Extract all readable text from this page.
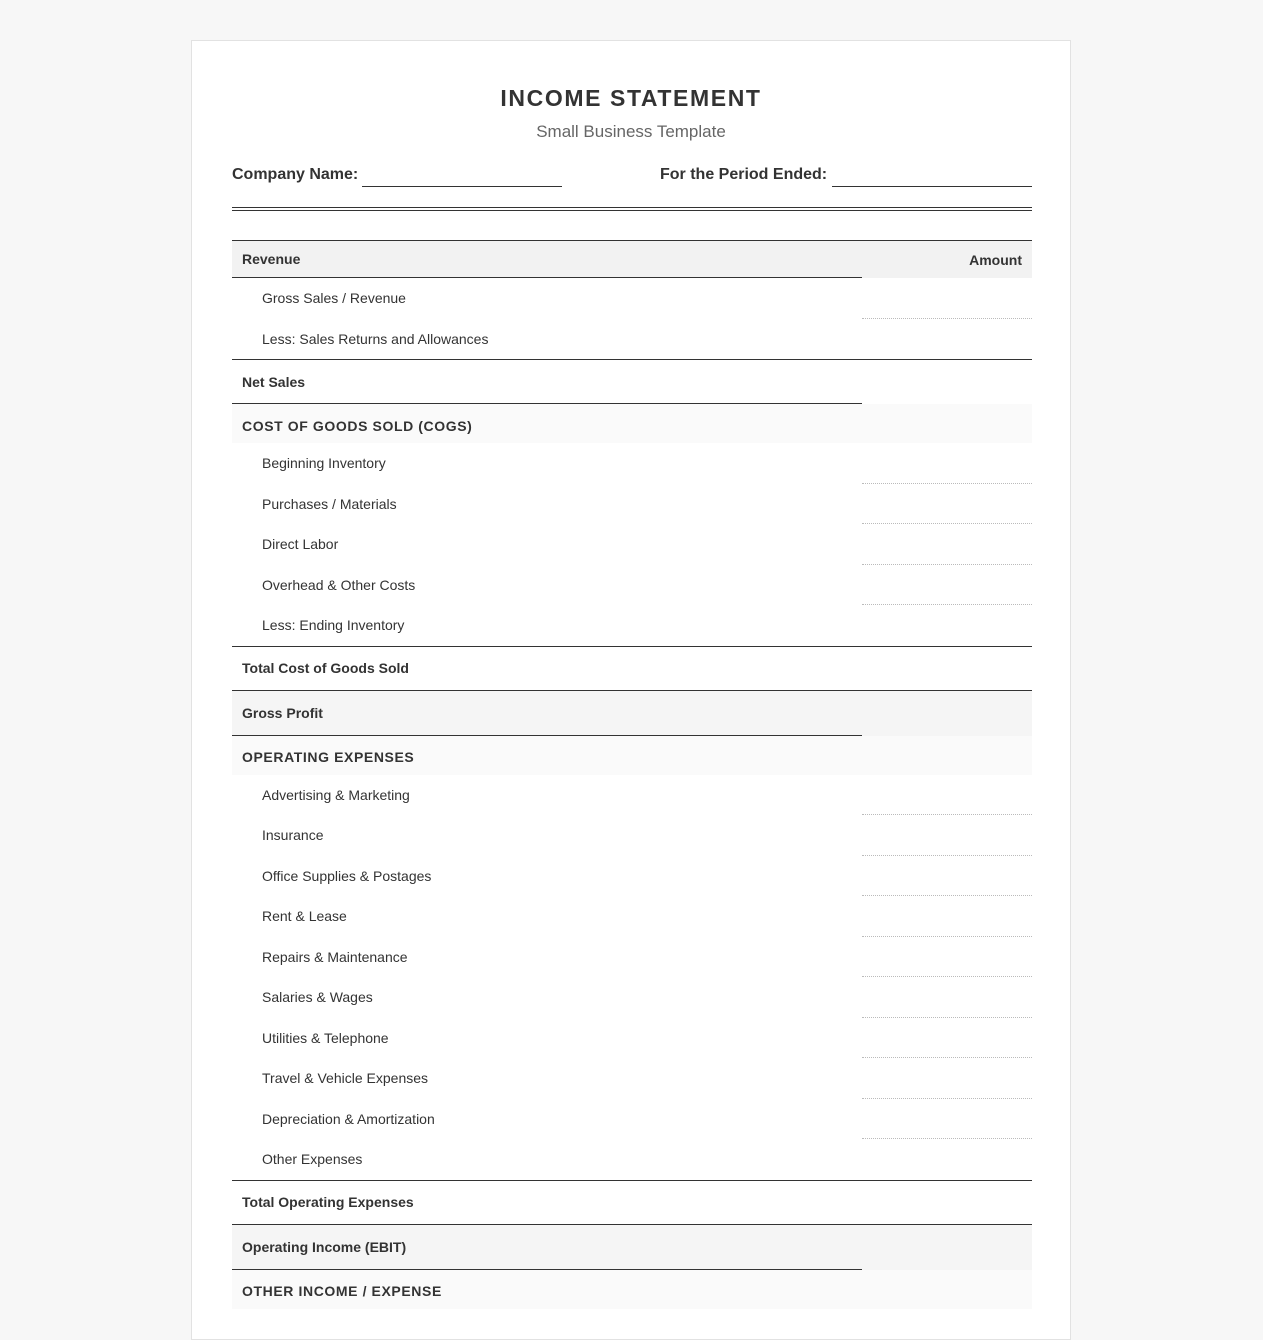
INCOME STATEMENT
Small Business Template
Company Name:	For the Period Ended:
Revenue	Amount
Gross Sales / Revenue
Less: Sales Returns and Allowances
Net Sales
COST OF GOODS SOLD (COGS)
Beginning Inventory
Purchases / Materials
Direct Labor
Overhead & Other Costs
Less: Ending Inventory
Total Cost of Goods Sold
Gross Profit
OPERATING EXPENSES
Advertising & Marketing
Insurance
Office Supplies & Postages
Rent & Lease
Repairs & Maintenance
Salaries & Wages
Utilities & Telephone
Travel & Vehicle Expenses
Depreciation & Amortization
Other Expenses
Total Operating Expenses
Operating Income (EBIT)
OTHER INCOME / EXPENSE
